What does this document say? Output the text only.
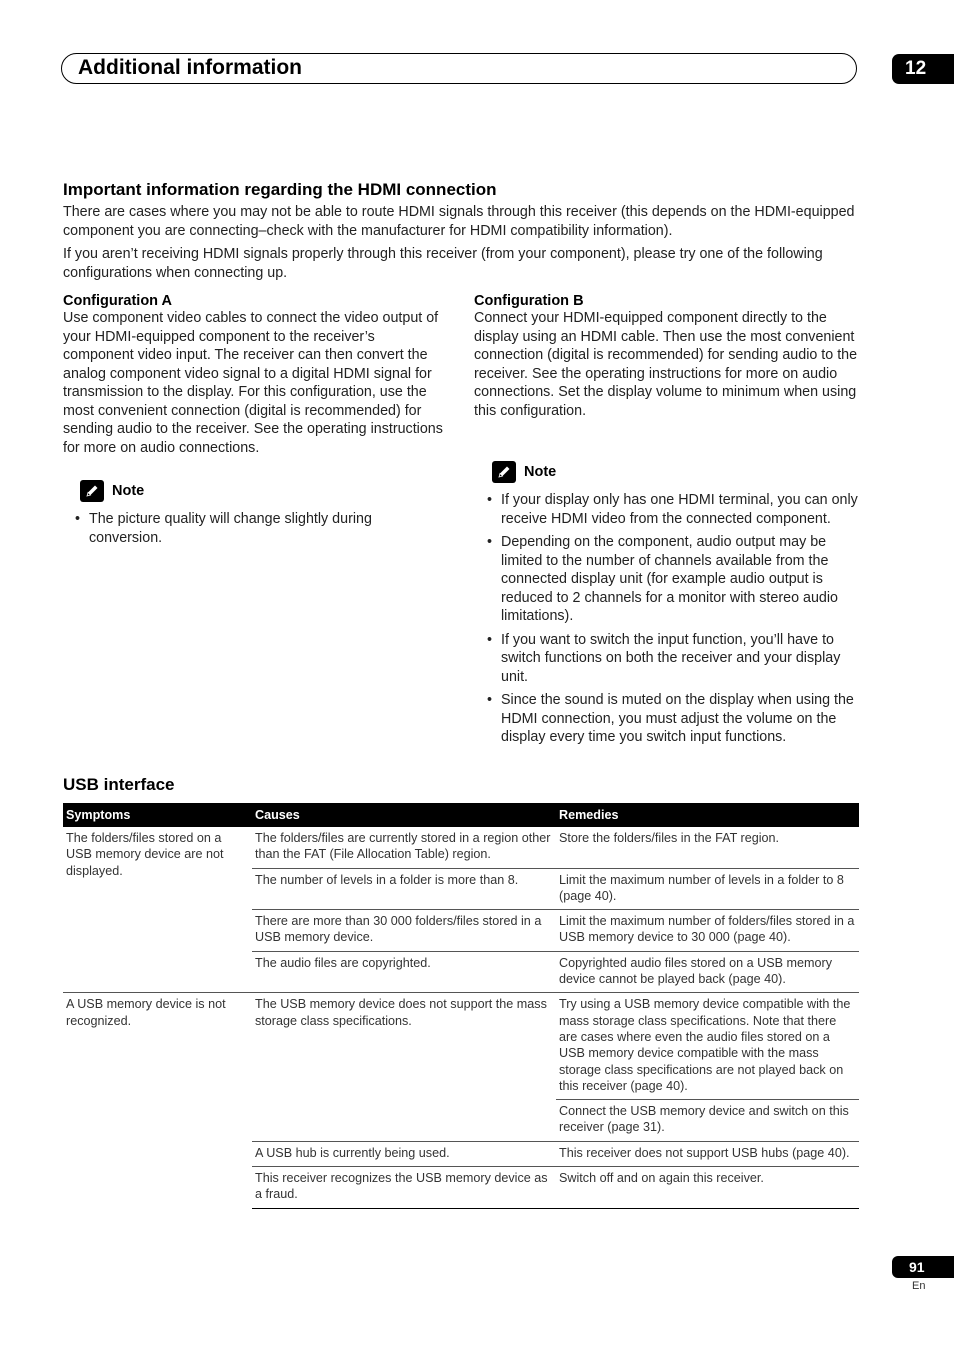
Additional information	12
Important information regarding the HDMI connection

There are cases where you may not be able to route HDMI signals through this receiver (this depends on the HDMI-equipped component you are connecting–check with the manufacturer for HDMI compatibility information).

If you aren’t receiving HDMI signals properly through this receiver (from your component), please try one of the following configurations when connecting up.

Configuration A

Use component video cables to connect the video output of your HDMI-equipped component to the receiver’s component video input. The receiver can then convert the analog component video signal to a digital HDMI signal for transmission to the display. For this configuration, use the most convenient connection (digital is recommended) for sending audio to the receiver. See the operating instructions for more on audio connections.

Note
• The picture quality will change slightly during conversion.
Configuration B

Connect your HDMI-equipped component directly to the display using an HDMI cable. Then use the most convenient connection (digital is recommended) for sending audio to the receiver. See the operating instructions for more on audio connections. Set the display volume to minimum when using this configuration.

Note
• If your display only has one HDMI terminal, you can only receive HDMI video from the connected component.
• Depending on the component, audio output may be limited to the number of channels available from the connected display unit (for example audio output is reduced to 2 channels for a monitor with stereo audio limitations).
• If you want to switch the input function, you’ll have to switch functions on both the receiver and your display unit.
• Since the sound is muted on the display when using the HDMI connection, you must adjust the volume on the display every time you switch input functions.
USB interface
Symptoms	Causes	Remedies
The folders/files stored on a USB memory device are not displayed.	The folders/files are currently stored in a region other than the FAT (File Allocation Table) region.	Store the folders/files in the FAT region.
	The number of levels in a folder is more than 8.	Limit the maximum number of levels in a folder to 8 (page 40).
	There are more than 30 000 folders/files stored in a USB memory device.	Limit the maximum number of folders/files stored in a USB memory device to 30 000 (page 40).
	The audio files are copyrighted.	Copyrighted audio files stored on a USB memory device cannot be played back (page 40).
A USB memory device is not recognized.	The USB memory device does not support the mass storage class specifications.	Try using a USB memory device compatible with the mass storage class specifications. Note that there are cases where even the audio files stored on a USB memory device compatible with the mass storage class specifications are not played back on this receiver (page 40).
		Connect the USB memory device and switch on this receiver (page 31).
	A USB hub is currently being used.	This receiver does not support USB hubs (page 40).
	This receiver recognizes the USB memory device as a fraud.	Switch off and on again this receiver.
91
En
